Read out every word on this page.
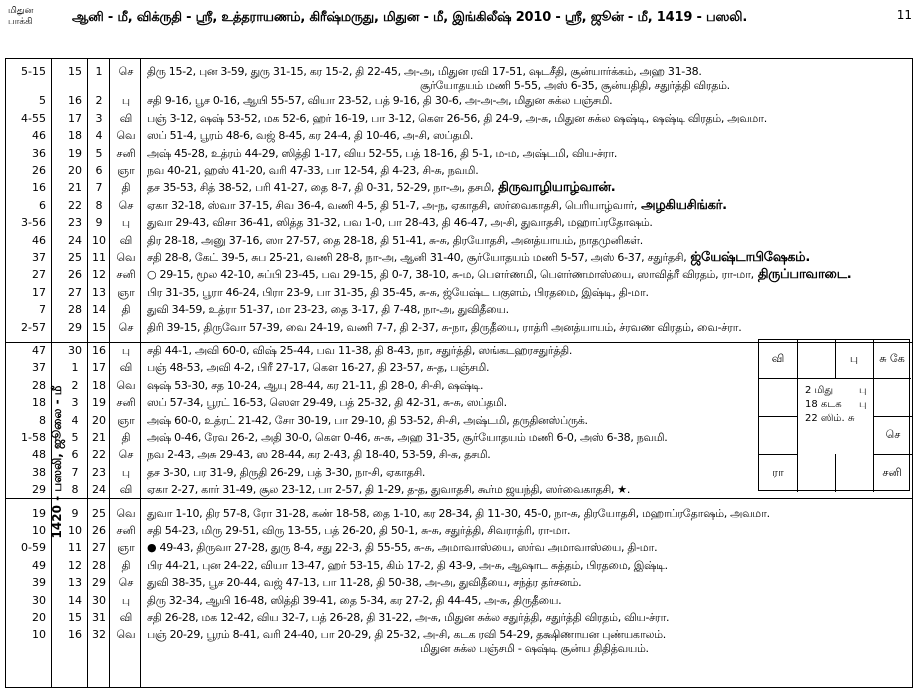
மிதுன
பாக்கி	ஆனி - மீ, விக்ருதி - ஸ்ரீ, உத்தராயணம், கிரீஷ்மருது, மிதுன - மீ, இங்கிலீஷ் 2010 - ஸ்ரீ, ஜூன் - மீ, 1419 - பஸலி.	11
1420 - பஸலி, ஜூலை - மீ
5-15	15	1	செ	திரு 15-2, புன 3-59, துரு 31-15, கர 15-2, தி 22-45, அ-அ, மிதுன ரவி 17-51, ஷடசீதி, சூன்யார்க்கம், அஹ 31-38.
5	16	2	பு	சதி 9-16, பூச 0-16, ஆயி 55-57, வியா 23-52, பத் 9-16, தி 30-6, அ-அ-அ, மிதுன சுக்ல பஞ்சமி.
4-55	17	3	வி	பஞ் 3-12, ஷஷ் 53-52, மக 52-6, ஹர் 16-19, பா 3-12, கௌ 26-56, தி 24-9, அ-சு, மிதுன சுக்ல ஷஷ்டி, ஷஷ்டி விரதம், அவமா.
46	18	4	வெ ஸப் 51-4, பூரம் 48-6, வஜ் 8-45, கர 24-4, தி 10-46, அ-சி, ஸப்தமி.
36	19	5	சனி அஷ் 45-28, உத்ரம் 44-29, ஸித்தி 1-17, விய 52-55, பத் 18-16, தி 5-1, ம-ம, அஷ்டமி, விய-ச்ரா.
26	20	6	ஞா நவ 40-21, ஹஸ் 41-20, வரி 47-33, பா 12-54, தி 4-23, சி-சு, நவமி.
16	21	7	தி	தச 35-53, சித் 38-52, பரி 41-27, தை 8-7, தி 0-31, 52-29, நா-அ, தசமி, திருவாழியாழ்வான்.
6	22	8	செ	ஏகா 32-18, ஸ்வா 37-15, சிவ 36-4, வணி 4-5, தி 51-7, அ-ந, ஏகாதசி, ஸர்வைகாதசி, பெரியாழ்வார், அழகியசிங்கர்.
3-56	23	9	பு	துவா 29-43, விசா 36-41, ஸித்த 31-32, பவ 1-0, பா 28-43, தி 46-47, அ-சி, துவாதசி, மஹாப்ரதோஷம்.
46	24 10	வி	திர 28-18, அனு 37-16, ஸா 27-57, தை 28-18, தி 51-41, சு-சு, திரயோதசி, அனத்யாயம், நாதமுனிகள்.
37	25 11 வெ சதி 28-8, கேட் 39-5, சுப 25-21, வணி 28-8, நா-அ, ஆனி 31-40, சூர்யோதயம் மணி 5-57, அஸ் 6-37, சதுர்தசி, ஜ்யேஷ்டாபிஷேகம்.
27	26 12 சனி ○ 29-15, மூல 42-10, சுப்பி 23-45, பவ 29-15, தி 0-7, 38-10, சு-ம, பௌர்ணமி, பௌர்ணமாஸ்யை, ஸாவித்ரீ விரதம், ரா-மா, திருப்பாவாடை.
17	27 13 ஞா பிர 31-35, பூரா 46-24, பிரா 23-9, பா 31-35, தி 35-45, சு-சு, ஜ்யேஷ்ட பகுளம், பிரதமை, இஷ்டி, தி-மா.
7	28 14	தி	துவி 34-59, உத்ரா 51-37, மா 23-23, தை 3-17, தி 7-48, நா-அ, துவிதீயை.
2-57	29 15	செ	திரி 39-15, திருவோ 57-39, வை 24-19, வணி 7-7, தி 2-37, சு-நா, திருதீயை, ராத்ரி அனத்யாயம், ச்ரவண விரதம், வை-ச்ரா.
47	30 16	பு	சதி 44-1, அவி 60-0, விஷ் 25-44, பவ 11-38, தி 8-43, நா, சதுர்த்தி, ஸங்கடஹரசதுர்த்தி.
37	1	17	வி	பஞ் 48-53, அவி 4-2, பிரீ 27-17, கௌ 16-27, தி 23-57, சு-த, பஞ்சமி.
28	2	18 வெ ஷஷ் 53-30, சத 10-24, ஆயு 28-44, கர 21-11, தி 28-0, சி-சி, ஷஷ்டி.
18	3	19 சனி ஸப் 57-34, பூரட் 16-53, ஸௌ 29-49, பத் 25-32, தி 42-31, சு-சு, ஸப்தமி.
8	4	20 ஞா அஷ் 60-0, உத்ரட் 21-42, சோ 30-19, பா 29-10, தி 53-52, சி-சி, அஷ்டமி, தருதினஸ்ப்ருக்.
1-58	5	21	தி	அஷ் 0-46, ரேவ 26-2, அதி 30-0, கௌ 0-46, சு-சு, அஹ 31-35, சூர்யோதயம் மணி 6-0, அஸ் 6-38, நவமி.
48	6	22	செ	நவ 2-43, அசு 29-43, ஸ 28-44, கர 2-43, தி 18-40, 53-59, சி-சு, தசமி.
38	7	23	பு	தச 3-30, பர 31-9, திருதி 26-29, பத் 3-30, நா-சி, ஏகாதசி.
29	8	24	வி	ஏகா 2-27, கார் 31-49, சூல 23-12, பா 2-57, தி 1-29, த-த, துவாதசி, கூர்ம ஜயந்தி, ஸர்வைகாதசி, ★.
19	9	25 வெ துவா 1-10, திர 57-8, ரோ 31-28, கண் 18-58, தை 1-10, கர 28-34, தி 11-30, 45-0, நா-சு, திரயோதசி, மஹாப்ரதோஷம், அவமா.
10	10 26 சனி சதி 54-23, மிரு 29-51, விரு 13-55, பத் 26-20, தி 50-1, சு-சு, சதுர்த்தி, சிவராத்ரி, ரா-மா.
0-59	11 27 ஞா ● 49-43, திருவா 27-28, துரு 8-4, சது 22-3, தி 55-55, சு-சு, அமாவாஸ்யை, ஸர்வ அமாவாஸ்யை, தி-மா.
49	12 28	தி	பிர 44-21, புன 24-22, வியா 13-47, ஹர் 53-15, கிம் 17-2, தி 43-9, அ-சு, ஆஷாட சுத்தம், பிரதமை, இஷ்டி.
39	13 29	செ	துவி 38-35, பூச 20-44, வஜ் 47-13, பா 11-28, தி 50-38, அ-அ, துவிதீயை, சந்த்ர தர்சனம்.
30	14 30	பு	திரு 32-34, ஆயி 16-48, ஸித்தி 39-41, தை 5-34, கர 27-2, தி 44-45, அ-சு, திருதீயை.
20	15 31	வி	சதி 26-28, மக 12-42, விய 32-7, பத் 26-28, தி 31-22, அ-சு, மிதுன சுக்ல சதுர்த்தி, சதுர்த்தி விரதம், விய-ச்ரா.
10	16 32 வெ பஞ் 20-29, பூரம் 8-41, வரி 24-40, பா 20-29, தி 25-32, அ-சி, கடக ரவி 54-29, தக்ஷிணாயன புண்யகாலம்.
சூர்யோதயம் மணி 5-55, அஸ் 6-35, சூன்யதிதி, சதுர்த்தி விரதம்.
மிதுன சுக்ல பஞ்சமி - ஷஷ்டி சூன்ய திதித்வயம்.
வி	பு	சு கே
செ
ரா	சனி
2 மிது
18 கடக
22 ஸிம். சு
பு
பு
